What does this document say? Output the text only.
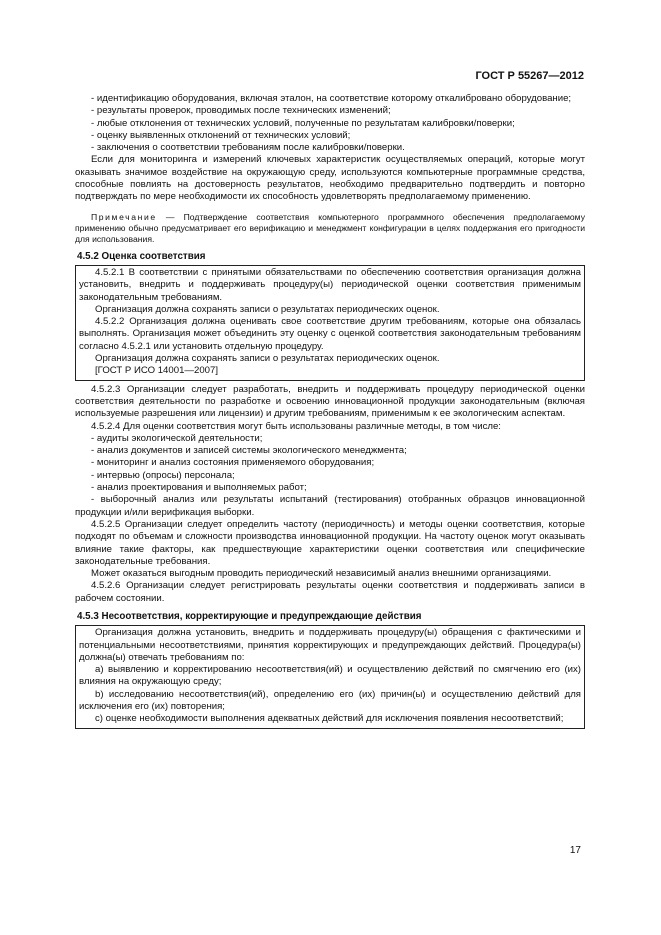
ГОСТ Р 55267—2012

- идентификацию оборудования, включая эталон, на соответствие которому откалибровано оборудование;

- результаты проверок, проводимых после технических изменений;

- любые отклонения от технических условий, полученные по результатам калибровки/поверки;

- оценку выявленных отклонений от технических условий;

- заключения о соответствии требованиям после калибровки/поверки.

Если для мониторинга и измерений ключевых характеристик осуществляемых операций, которые могут оказывать значимое воздействие на окружающую среду, используются компьютерные программные средства, способные повлиять на достоверность результатов, необходимо предварительно подтвердить и повторно подтверждать по мере необходимости их способность удовлетворять предполагаемому применению.

Примечание — Подтверждение соответствия компьютерного программного обеспечения предполагаемому применению обычно предусматривает его верификацию и менеджмент конфигурации в целях поддержания его пригодности для использования.

4.5.2 Оценка соответствия

4.5.2.1 В соответствии с принятыми обязательствами по обеспечению соответствия организация должна установить, внедрить и поддерживать процедуру(ы) периодической оценки соответствия применимым законодательным требованиям.

Организация должна сохранять записи о результатах периодических оценок.

4.5.2.2 Организация должна оценивать свое соответствие другим требованиям, которые она обязалась выполнять. Организация может объединить эту оценку с оценкой соответствия законодательным требованиям согласно 4.5.2.1 или установить отдельную процедуру.

Организация должна сохранять записи о результатах периодических оценок.

[ГОСТ Р ИСО 14001—2007]

4.5.2.3 Организации следует разработать, внедрить и поддерживать процедуру периодической оценки соответствия деятельности по разработке и освоению инновационной продукции законодательным (включая используемые разрешения или лицензии) и другим требованиям, применимым к ее экологическим аспектам.

4.5.2.4 Для оценки соответствия могут быть использованы различные методы, в том числе:

- аудиты экологической деятельности;

- анализ документов и записей системы экологического менеджмента;

- мониторинг и анализ состояния применяемого оборудования;

- интервью (опросы) персонала;

- анализ проектирования и выполняемых работ;

- выборочный анализ или результаты испытаний (тестирования) отобранных образцов инновационной продукции и/или верификация выборки.

4.5.2.5 Организации следует определить частоту (периодичность) и методы оценки соответствия, которые подходят по объемам и сложности производства инновационной продукции. На частоту оценок могут оказывать влияние такие факторы, как предшествующие характеристики оценки соответствия или специфические законодательные требования.

Может оказаться выгодным проводить периодический независимый анализ внешними организациями.

4.5.2.6 Организации следует регистрировать результаты оценки соответствия и поддерживать записи в рабочем состоянии.

4.5.3 Несоответствия, корректирующие и предупреждающие действия

Организация должна установить, внедрить и поддерживать процедуру(ы) обращения с фактическими и потенциальными несоответствиями, принятия корректирующих и предупреждающих действий. Процедура(ы) должна(ы) отвечать требованиям по:

a) выявлению и корректированию несоответствия(ий) и осуществлению действий по смягчению его (их) влияния на окружающую среду;

b) исследованию несоответствия(ий), определению его (их) причин(ы) и осуществлению действий для исключения его (их) повторения;

c) оценке необходимости выполнения адекватных действий для исключения появления несоответствий;

17
